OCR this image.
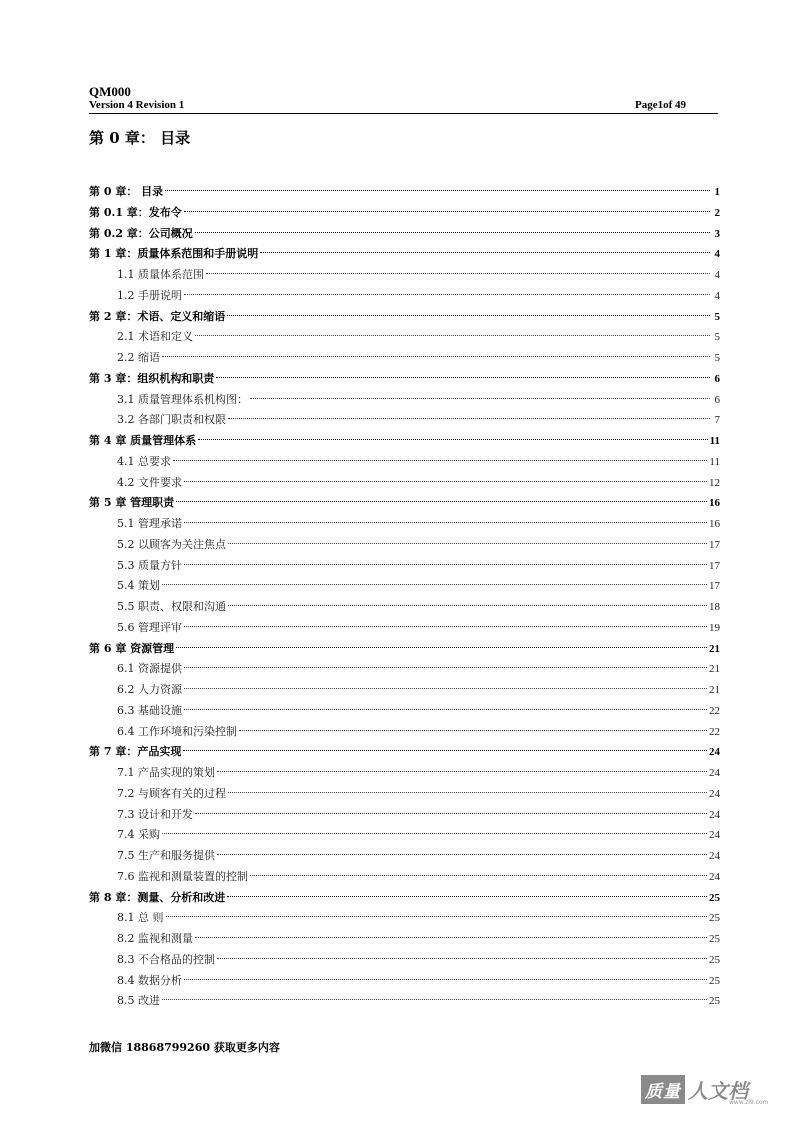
QM000
Version 4 Revision 1	Page1of 49
第 0 章： 目录
第 0 章： 目录	1
第 0.1 章：发布令	2
第 0.2 章：公司概况	3
第 1 章：质量体系范围和手册说明	4
1.1 质量体系范围	4
1.2 手册说明	4
第 2 章：术语、定义和缩语	5
2.1 术语和定义	5
2.2 缩语	5
第 3 章：组织机构和职责	6
3.1 质量管理体系机构图：	6
3.2 各部门职责和权限	7
第 4 章 质量管理体系	11
4.1 总要求	11
4.2 文件要求	12
第 5 章 管理职责	16
5.1 管理承诺	16
5.2 以顾客为关注焦点	17
5.3 质量方针	17
5.4 策划	17
5.5 职责、权限和沟通	18
5.6 管理评审	19
第 6 章 资源管理	21
6.1 资源提供	21
6.2 人力资源	21
6.3 基础设施	22
6.4 工作环境和污染控制	22
第 7 章：产品实现	24
7.1 产品实现的策划	24
7.2 与顾客有关的过程	24
7.3 设计和开发	24
7.4 采购	24
7.5 生产和服务提供	24
7.6 监视和测量装置的控制	24
第 8 章：测量、分析和改进	25
8.1 总 则	25
8.2 监视和测量	25
8.3 不合格品的控制	25
8.4 数据分析	25
8.5 改进	25
加微信 18868799260 获取更多内容
质量 人文档
www.zl9.com
